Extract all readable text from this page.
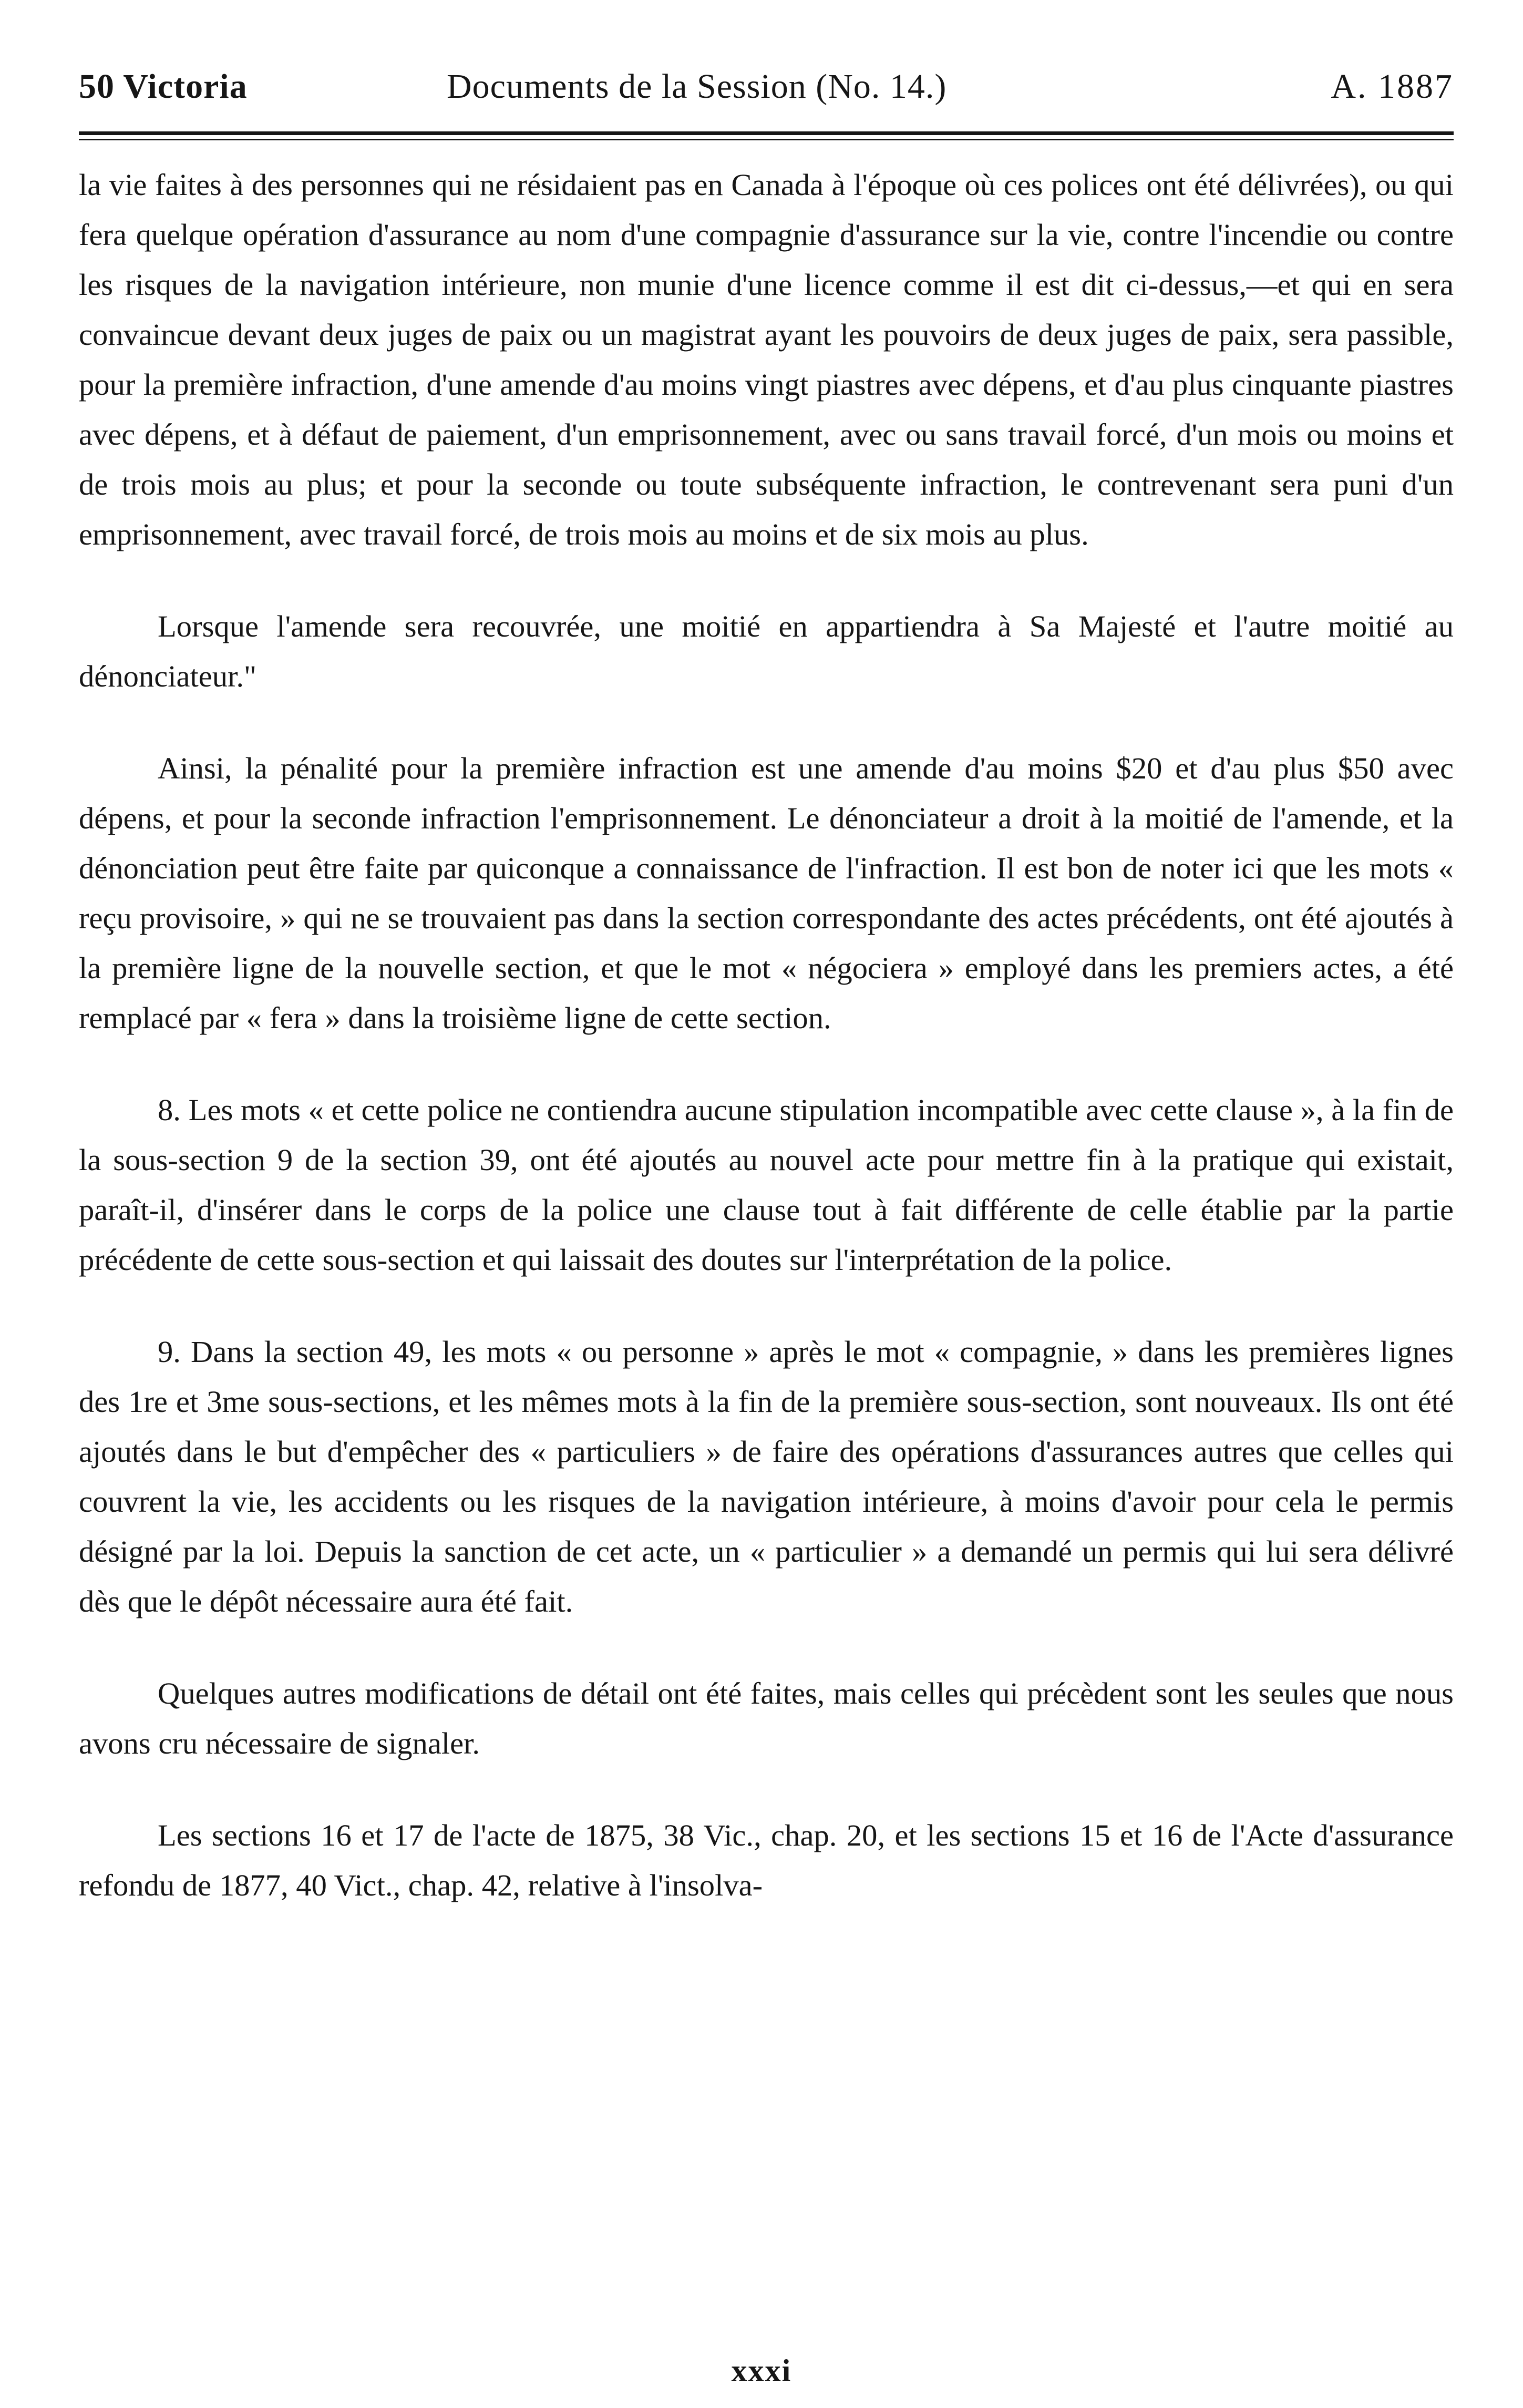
50 Victoria	Documents de la Session (No. 14.)	A. 1887

la vie faites à des personnes qui ne résidaient pas en Canada à l'époque où ces polices ont été délivrées), ou qui fera quelque opération d'assurance au nom d'une compagnie d'assurance sur la vie, contre l'incendie ou contre les risques de la navigation intérieure, non munie d'une licence comme il est dit ci-dessus,—et qui en sera convaincue devant deux juges de paix ou un magistrat ayant les pouvoirs de deux juges de paix, sera passible, pour la première infraction, d'une amende d'au moins vingt piastres avec dépens, et d'au plus cinquante piastres avec dépens, et à défaut de paiement, d'un emprisonnement, avec ou sans travail forcé, d'un mois ou moins et de trois mois au plus; et pour la seconde ou toute subséquente infraction, le contrevenant sera puni d'un emprisonnement, avec travail forcé, de trois mois au moins et de six mois au plus.

Lorsque l'amende sera recouvrée, une moitié en appartiendra à Sa Majesté et l'autre moitié au dénonciateur."

Ainsi, la pénalité pour la première infraction est une amende d'au moins $20 et d'au plus $50 avec dépens, et pour la seconde infraction l'emprisonnement. Le dénonciateur a droit à la moitié de l'amende, et la dénonciation peut être faite par quiconque a connaissance de l'infraction. Il est bon de noter ici que les mots « reçu provisoire, » qui ne se trouvaient pas dans la section correspondante des actes précédents, ont été ajoutés à la première ligne de la nouvelle section, et que le mot « négociera » employé dans les premiers actes, a été remplacé par « fera » dans la troisième ligne de cette section.

8. Les mots « et cette police ne contiendra aucune stipulation incompatible avec cette clause », à la fin de la sous-section 9 de la section 39, ont été ajoutés au nouvel acte pour mettre fin à la pratique qui existait, paraît-il, d'insérer dans le corps de la police une clause tout à fait différente de celle établie par la partie précédente de cette sous-section et qui laissait des doutes sur l'interprétation de la police.

9. Dans la section 49, les mots « ou personne » après le mot « compagnie, » dans les premières lignes des 1re et 3me sous-sections, et les mêmes mots à la fin de la première sous-section, sont nouveaux. Ils ont été ajoutés dans le but d'empêcher des « particuliers » de faire des opérations d'assurances autres que celles qui couvrent la vie, les accidents ou les risques de la navigation intérieure, à moins d'avoir pour cela le permis désigné par la loi. Depuis la sanction de cet acte, un « particulier » a demandé un permis qui lui sera délivré dès que le dépôt nécessaire aura été fait.

Quelques autres modifications de détail ont été faites, mais celles qui précèdent sont les seules que nous avons cru nécessaire de signaler.

Les sections 16 et 17 de l'acte de 1875, 38 Vic., chap. 20, et les sections 15 et 16 de l'Acte d'assurance refondu de 1877, 40 Vict., chap. 42, relative à l'insolva-

xxxi
